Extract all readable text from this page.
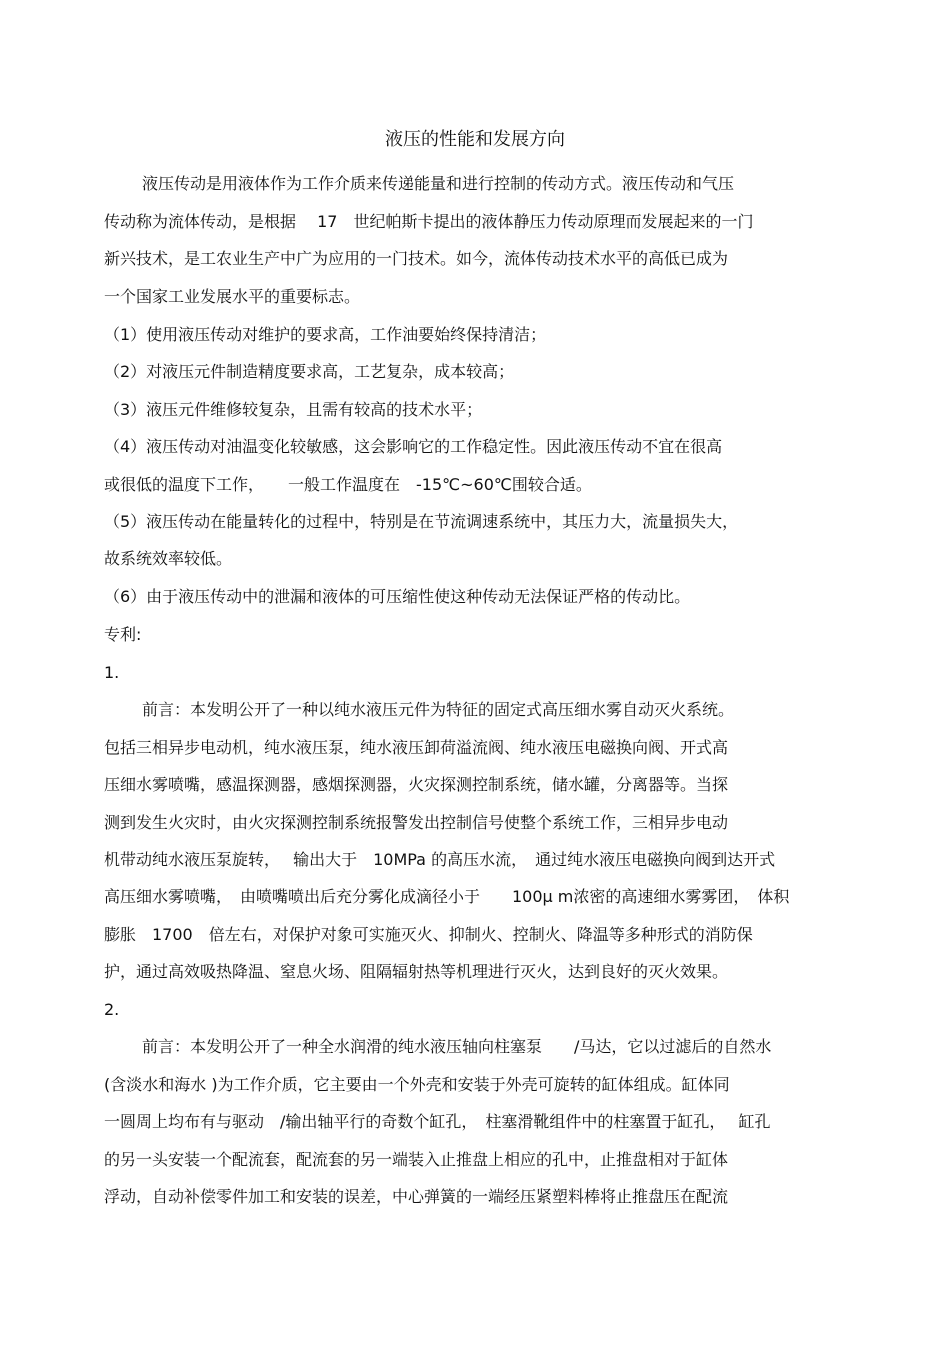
液压的性能和发展方向
液压传动是用液体作为工作介质来传递能量和进行控制的传动方式。液压传动和气压
传动称为流体传动，是根据　 17　世纪帕斯卡提出的液体静压力传动原理而发展起来的一门
新兴技术，是工农业生产中广为应用的一门技术。如今，流体传动技术水平的高低已成为
一个国家工业发展水平的重要标志。
（1）使用液压传动对维护的要求高，工作油要始终保持清洁；
（2）对液压元件制造精度要求高，工艺复杂，成本较高；
（3）液压元件维修较复杂，且需有较高的技术水平；
（4）液压传动对油温变化较敏感，这会影响它的工作稳定性。因此液压传动不宜在很高
或很低的温度下工作，　　一般工作温度在　-15℃~60℃围较合适。
（5）液压传动在能量转化的过程中，特别是在节流调速系统中，其压力大，流量损失大，
故系统效率较低。
（6）由于液压传动中的泄漏和液体的可压缩性使这种传动无法保证严格的传动比。
专利:
1.
前言：本发明公开了一种以纯水液压元件为特征的固定式高压细水雾自动灭火系统。
包括三相异步电动机，纯水液压泵，纯水液压卸荷溢流阀、纯水液压电磁换向阀、开式高
压细水雾喷嘴，感温探测器，感烟探测器，火灾探测控制系统，储水罐，分离器等。当探
测到发生火灾时，由火灾探测控制系统报警发出控制信号使整个系统工作，三相异步电动
机带动纯水液压泵旋转，　 输出大于　10MPa 的高压水流，　通过纯水液压电磁换向阀到达开式
高压细水雾喷嘴，　由喷嘴喷出后充分雾化成滴径小于　　100μ m浓密的高速细水雾雾团，　体积
膨胀　1700　倍左右，对保护对象可实施灭火、抑制火、控制火、降温等多种形式的消防保
护，通过高效吸热降温、窒息火场、阻隔辐射热等机理进行灭火，达到良好的灭火效果。
2.
前言：本发明公开了一种全水润滑的纯水液压轴向柱塞泵　　/马达，它以过滤后的自然水
(含淡水和海水 )为工作介质，它主要由一个外壳和安装于外壳可旋转的缸体组成。缸体同
一圆周上均布有与驱动　/输出轴平行的奇数个缸孔，　柱塞滑靴组件中的柱塞置于缸孔，　 缸孔
的另一头安装一个配流套，配流套的另一端装入止推盘上相应的孔中，止推盘相对于缸体
浮动，自动补偿零件加工和安装的误差，中心弹簧的一端经压紧塑料棒将止推盘压在配流
